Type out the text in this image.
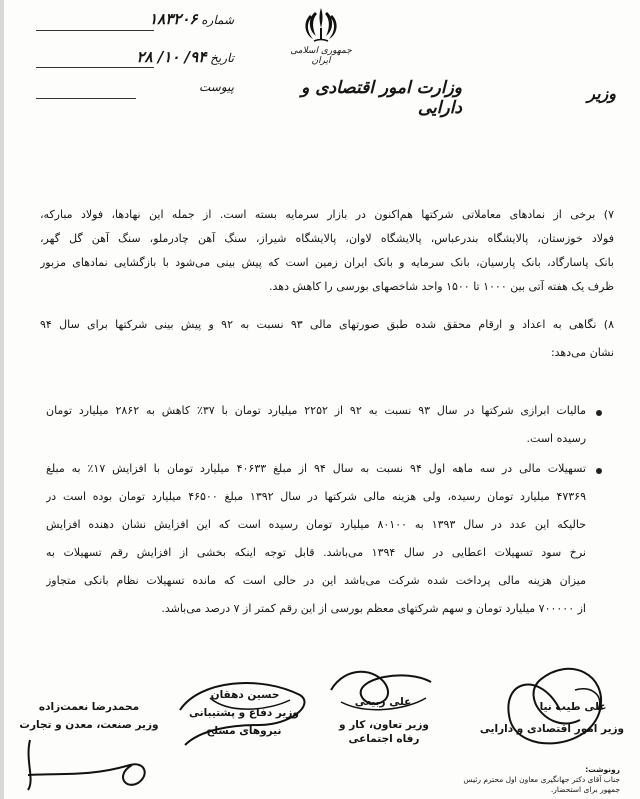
جمهوری اسلامی ایران
وزارت امور اقتصادی و دارایی
وزیر
شماره ۱۸۳۲۰۶
تاریخ ۹۴/ ۱۰/ ۲۸
پیوست
۷) برخی از نمادهای معاملاتی شرکتها هم‌اکنون در بازار سرمایه بسته است. از جمله این نهادها، فولاد مبارکه،
فولاد خوزستان، پالایشگاه بندرعباس، پالایشگاه لاوان، پالایشگاه شیراز، سنگ آهن چادرملو، سنگ آهن گل گهر،
بانک پاسارگاد، بانک پارسیان، بانک سرمایه و بانک ایران زمین است که پیش بینی می‌شود با بازگشایی نمادهای مزبور
ظرف یک هفته آتی بین ۱۰۰۰ تا ۱۵۰۰ واحد شاخصهای بورسی را کاهش دهد.
۸) نگاهی به اعداد و ارقام محقق شده طبق صورتهای مالی ۹۳ نسبت به ۹۲ و پیش بینی شرکتها برای سال ۹۴
نشان می‌دهد:
مالیات ابرازی شرکتها در سال ۹۳ نسبت به ۹۲ از ۲۲۵۲ میلیارد تومان با ۳۷٪ کاهش به ۲۸۶۲ میلیارد تومان
رسیده است.
تسهیلات مالی در سه ماهه اول ۹۴ نسبت به سال ۹۴ از مبلغ ۴۰۶۳۳ میلیارد تومان با افزایش ۱۷٪ به مبلغ
۴۷۳۶۹ میلیارد تومان رسیده، ولی هزینه مالی شرکتها در سال ۱۳۹۲ مبلغ ۴۶۵۰۰ میلیارد تومان بوده است در
حالیکه این عدد در سال ۱۳۹۳ به ۸۰۱۰۰ میلیارد تومان رسیده است که این افزایش نشان دهنده افزایش
نرخ سود تسهیلات اعطایی در سال ۱۳۹۴ می‌باشد. قابل توجه اینکه بخشی از افزایش رقم تسهیلات به
میزان هزینه مالی پرداخت شده شرکت می‌باشد این در حالی است که مانده تسهیلات نظام بانکی متجاوز
از ۷۰۰۰۰۰ میلیارد تومان و سهم شرکتهای معظم بورسی از این رقم کمتر از ۷ درصد می‌باشد.
علی طیب نیا
وزیر امور اقتصادی و دارایی
علی ربیعی
وزیر تعاون، کار و رفاه اجتماعی
حسین دهقان
وزیر دفاع و پشتیبانی
نیروهای مسلح
محمدرضا نعمت‌زاده
وزیر صنعت، معدن و تجارت
رونوشت:
جناب آقای دکتر جهانگیری معاون اول محترم رئیس جمهور برای استحضار.
